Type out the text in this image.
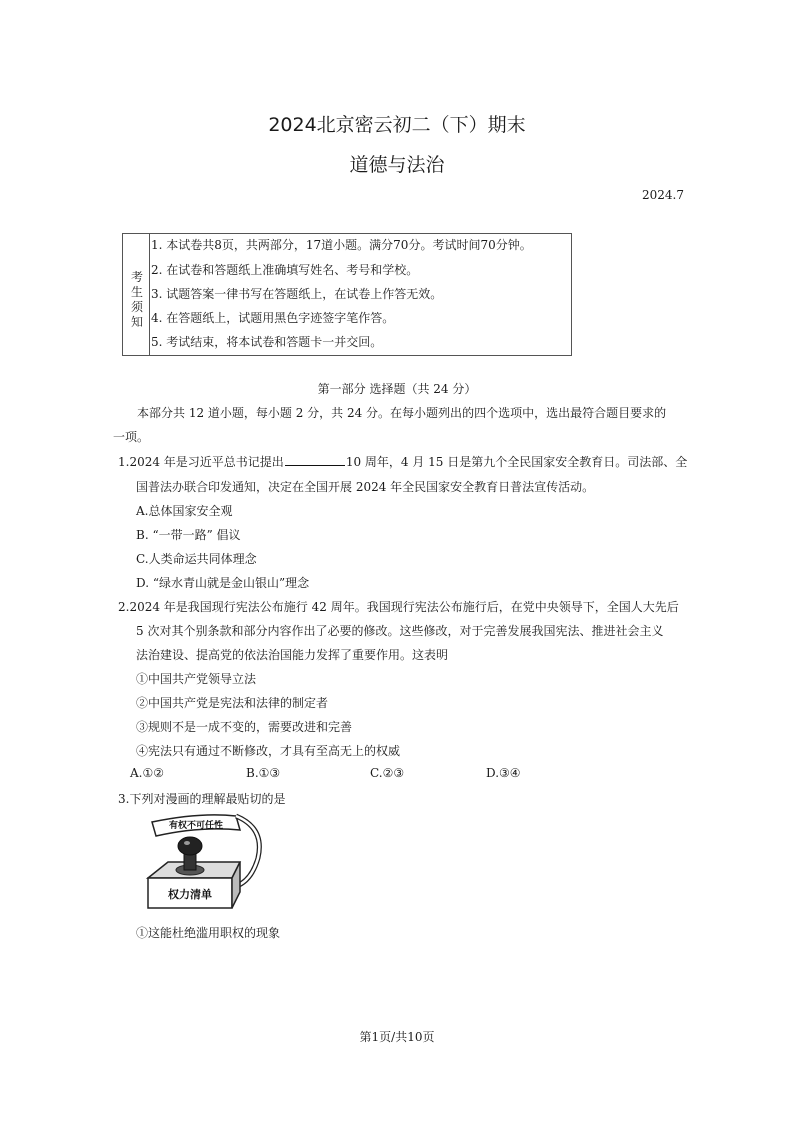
2024北京密云初二（下）期末
道德与法治
2024.7
考
生
须
知
1. 本试卷共8页，共两部分，17道小题。满分70分。考试时间70分钟。
2. 在试卷和答题纸上准确填写姓名、考号和学校。
3. 试题答案一律书写在答题纸上，在试卷上作答无效。
4. 在答题纸上，试题用黑色字迹签字笔作答。
5. 考试结束，将本试卷和答题卡一并交回。
第一部分 选择题（共 24 分）
本部分共 12 道小题，每小题 2 分，共 24 分。在每小题列出的四个选项中，选出最符合题目要求的
一项。
1.2024 年是习近平总书记提出	10 周年，4 月 15 日是第九个全民国家安全教育日。司法部、全
国普法办联合印发通知，决定在全国开展 2024 年全民国家安全教育日普法宣传活动。
A.总体国家安全观
B. “一带一路” 倡议
C.人类命运共同体理念
D. “绿水青山就是金山银山”理念
2.2024 年是我国现行宪法公布施行 42 周年。我国现行宪法公布施行后，在党中央领导下，全国人大先后
5 次对其个别条款和部分内容作出了必要的修改。这些修改，对于完善发展我国宪法、推进社会主义
法治建设、提高党的依法治国能力发挥了重要作用。这表明
①中国共产党领导立法
②中国共产党是宪法和法律的制定者
③规则不是一成不变的，需要改进和完善
④宪法只有通过不断修改，才具有至高无上的权威
A.①②	B.①③	C.②③	D.③④
3.下列对漫画的理解最贴切的是
有权不可任性
权力清单
①这能杜绝滥用职权的现象
第1页/共10页
